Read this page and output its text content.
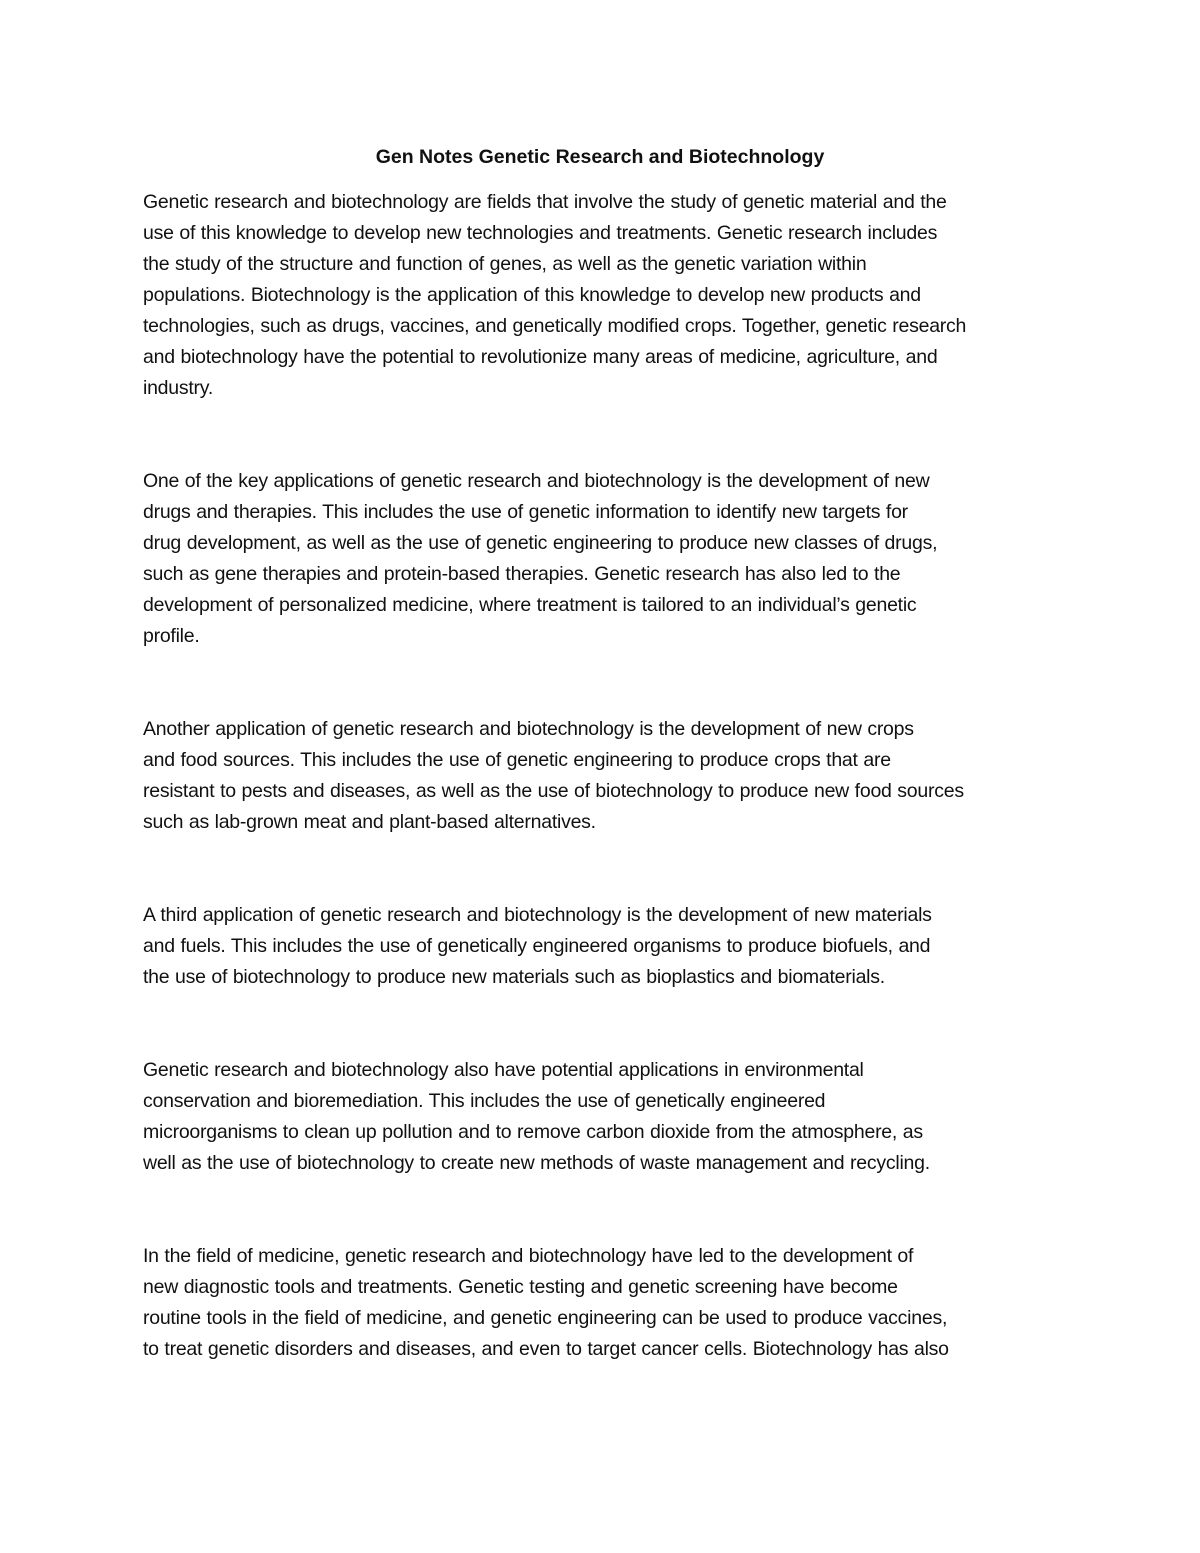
Gen Notes Genetic Research and Biotechnology

Genetic research and biotechnology are fields that involve the study of genetic material and the
use of this knowledge to develop new technologies and treatments. Genetic research includes
the study of the structure and function of genes, as well as the genetic variation within
populations. Biotechnology is the application of this knowledge to develop new products and
technologies, such as drugs, vaccines, and genetically modified crops. Together, genetic research
and biotechnology have the potential to revolutionize many areas of medicine, agriculture, and
industry.

One of the key applications of genetic research and biotechnology is the development of new
drugs and therapies. This includes the use of genetic information to identify new targets for
drug development, as well as the use of genetic engineering to produce new classes of drugs,
such as gene therapies and protein-based therapies. Genetic research has also led to the
development of personalized medicine, where treatment is tailored to an individual’s genetic
profile.

Another application of genetic research and biotechnology is the development of new crops
and food sources. This includes the use of genetic engineering to produce crops that are
resistant to pests and diseases, as well as the use of biotechnology to produce new food sources
such as lab-grown meat and plant-based alternatives.

A third application of genetic research and biotechnology is the development of new materials
and fuels. This includes the use of genetically engineered organisms to produce biofuels, and
the use of biotechnology to produce new materials such as bioplastics and biomaterials.

Genetic research and biotechnology also have potential applications in environmental
conservation and bioremediation. This includes the use of genetically engineered
microorganisms to clean up pollution and to remove carbon dioxide from the atmosphere, as
well as the use of biotechnology to create new methods of waste management and recycling.

In the field of medicine, genetic research and biotechnology have led to the development of
new diagnostic tools and treatments. Genetic testing and genetic screening have become
routine tools in the field of medicine, and genetic engineering can be used to produce vaccines,
to treat genetic disorders and diseases, and even to target cancer cells. Biotechnology has also
